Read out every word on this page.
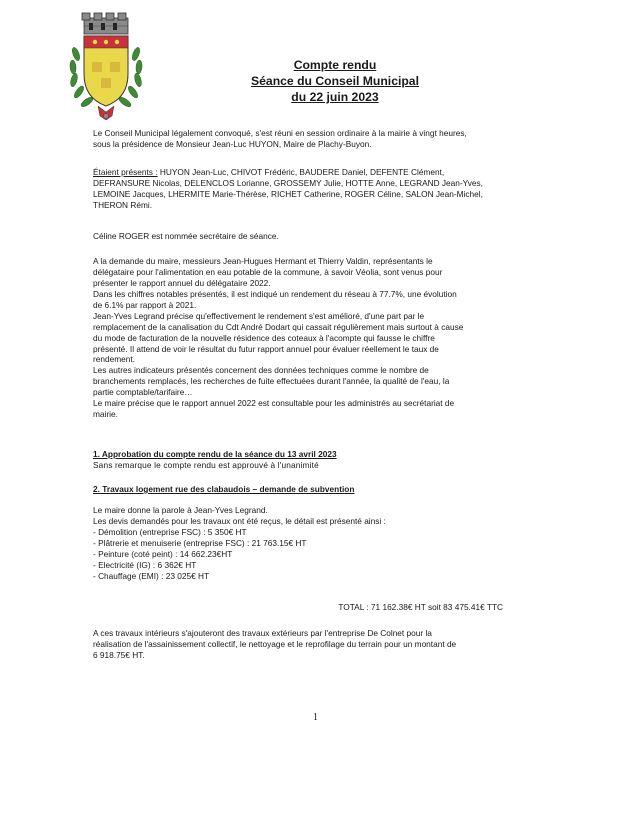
Compte rendu
Séance du Conseil Municipal
du 22 juin 2023

Le Conseil Municipal légalement convoqué, s'est réuni en session ordinaire à la mairie à vingt heures,

sous la présidence de Monsieur Jean-Luc HUYON, Maire de Plachy-Buyon.

Étaient présents : HUYON Jean-Luc, CHIVOT Frédéric, BAUDERE Daniel, DEFENTE Clément,

DEFRANSURE Nicolas, DELENCLOS Lorianne, GROSSEMY Julie, HOTTE Anne, LEGRAND Jean-Yves,

LEMOINE Jacques, LHERMITE Marie-Thérèse, RICHET Catherine, ROGER Céline, SALON Jean-Michel,

THERON Rémi.

Céline ROGER est nommée secrétaire de séance.

A la demande du maire, messieurs Jean-Hugues Hermant et Thierry Valdin, représentants le

délégataire pour l'alimentation en eau potable de la commune, à savoir Véolia, sont venus pour

présenter le rapport annuel du délégataire 2022.

Dans les chiffres notables présentés, il est indiqué un rendement du réseau à 77.7%, une évolution

de 6.1% par rapport à 2021.

Jean-Yves Legrand précise qu'effectivement le rendement s'est amélioré, d'une part par le

remplacement de la canalisation du Cdt André Dodart qui cassait régulièrement mais surtout à cause

du mode de facturation de la nouvelle résidence des coteaux à l'acompte qui fausse le chiffre

présenté. Il attend de voir le résultat du futur rapport annuel pour évaluer réellement le taux de

rendement.

Les autres indicateurs présentés concernent des données techniques comme le nombre de

branchements remplacés, les recherches de fuite effectuées durant l'année, la qualité de l'eau, la

partie comptable/tarifaire…

Le maire précise que le rapport annuel 2022 est consultable pour les administrés au secrétariat de

mairie.

1. Approbation du compte rendu de la séance du 13 avril 2023

Sans remarque le compte rendu est approuvé à l'unanimité

2. Travaux logement rue des clabaudois – demande de subvention

Le maire donne la parole à Jean-Yves Legrand.

Les devis demandés pour les travaux ont été reçus, le détail est présenté ainsi :

- Démolition (entreprise FSC) : 5 350€ HT

- Plâtrerie et menuiserie (entreprise FSC) : 21 763.15€ HT

- Peinture (coté peint) : 14 662.23€HT

- Electricité (IG) : 6 362€ HT

- Chauffage (EMI) : 23 025€ HT

TOTAL : 71 162.38€ HT soit 83 475.41€ TTC

A ces travaux intérieurs s'ajouteront des travaux extérieurs par l'entreprise De Colnet pour la

réalisation de l'assainissement collectif, le nettoyage et le reprofilage du terrain pour un montant de

6 918.75€ HT.

1
